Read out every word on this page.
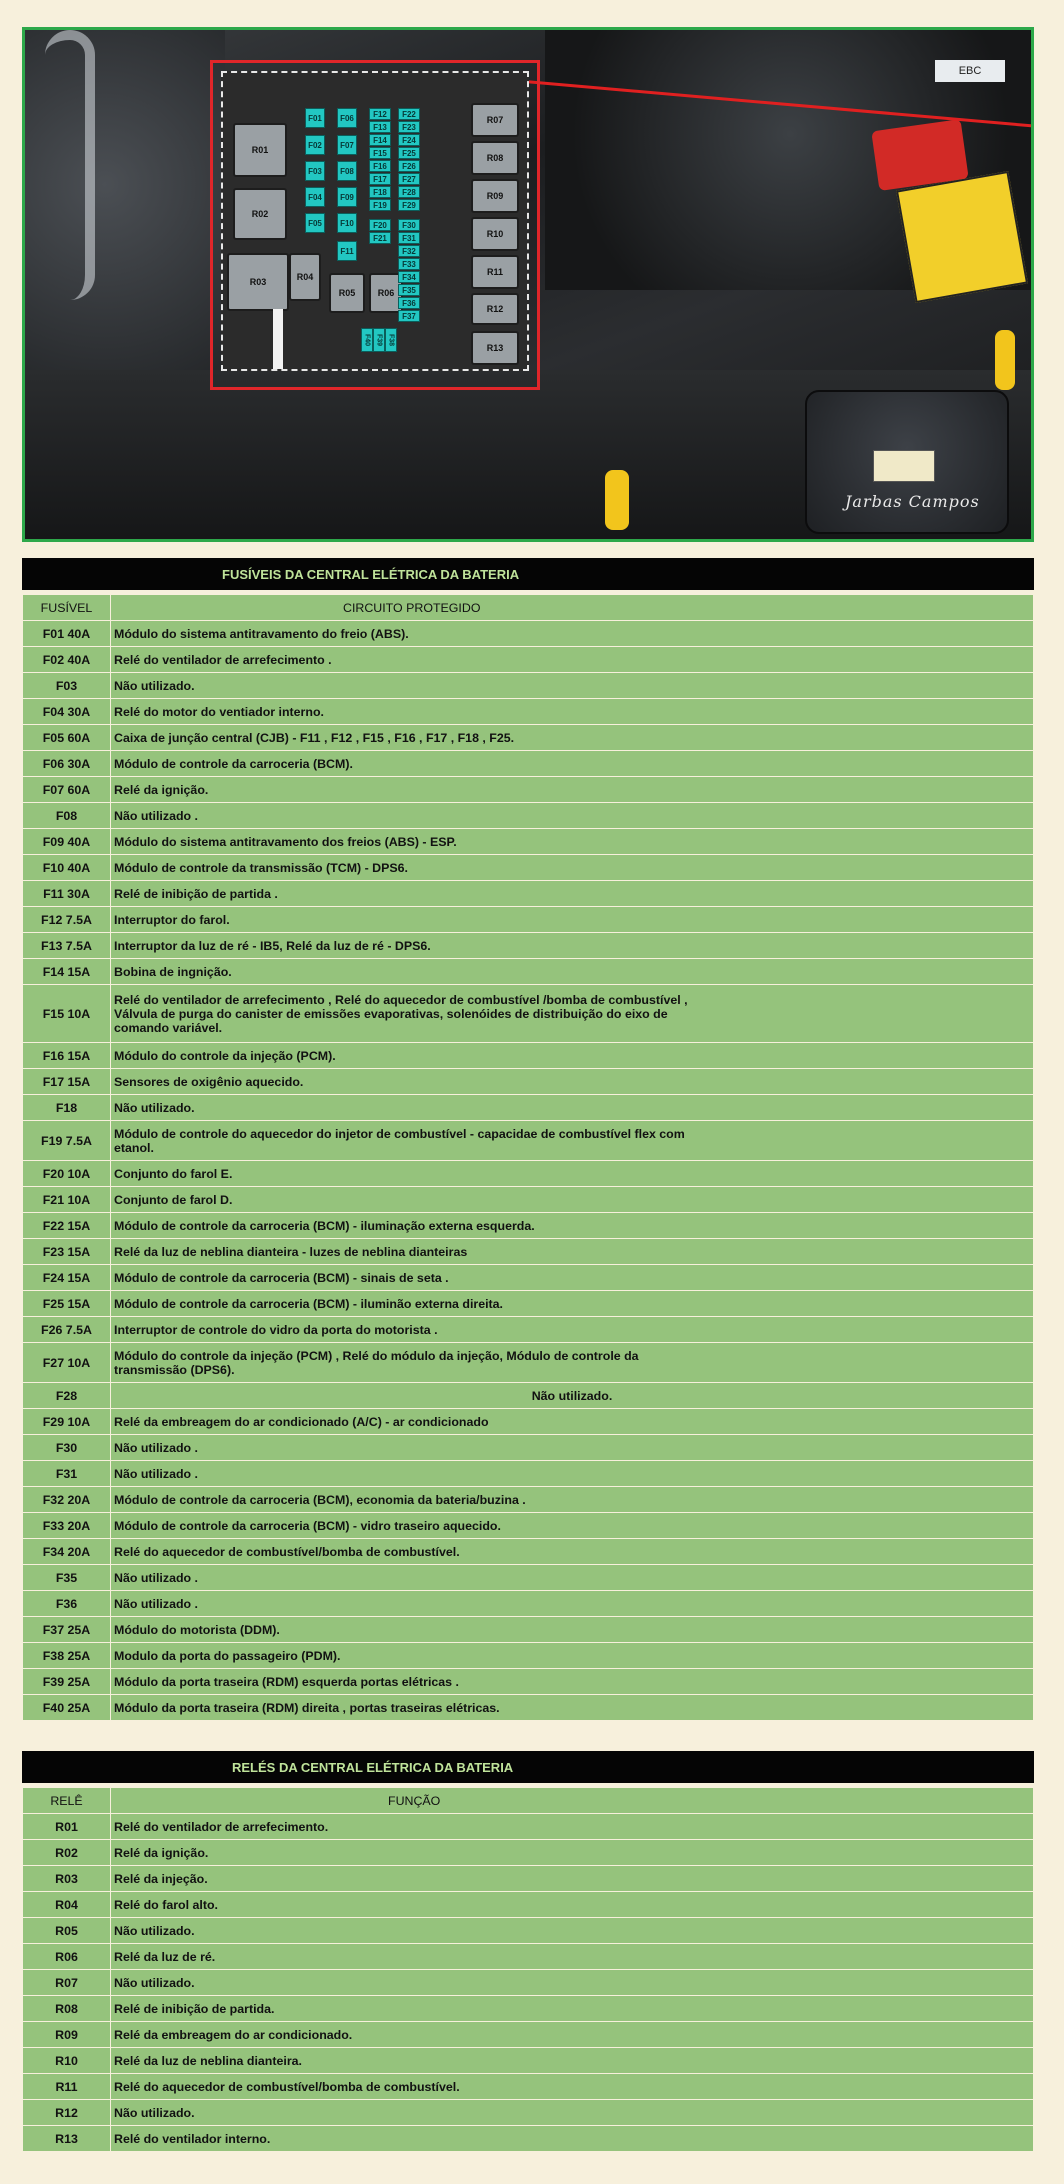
EBC
Jarbas Campos
R01
R02
R03	R04
R05	R06
R07
R08
R09
R10
R11
R12
R13
F01
F02
F03
F04
F05
F06
F07
F08
F09
F10
F11
F12
F13
F14
F15
F16
F17
F18
F19
F20
F21
F22
F23
F24
F25
F26
F27
F28
F29
F30
F31
F32
F33
F34
F35
F36
F37
F38
F39
F40
FUSÍVEIS DA CENTRAL ELÉTRICA DA BATERIA
FUSÍVEL	CIRCUITO PROTEGIDO
F01 40A	Módulo do sistema antitravamento do freio (ABS).

F02 40A	Relé do ventilador de arrefecimento .

F03	Não utilizado.

F04 30A	Relé do motor do ventiador interno.

F05 60A	Caixa de junção central (CJB) - F11 , F12 , F15 , F16 , F17 , F18 , F25.

F06 30A	Módulo de controle da carroceria (BCM).

F07 60A	Relé da ignição.

F08	Não utilizado .

F09 40A	Módulo do sistema antitravamento dos freios (ABS) - ESP.

F10 40A	Módulo de controle da transmissão (TCM) - DPS6.

F11 30A	Relé de inibição de partida .

F12 7.5A	Interruptor do farol.

F13 7.5A	Interruptor da luz de ré - IB5, Relé da luz de ré - DPS6.

F14 15A	Bobina de ingnição.

F15 10A	Relé do ventilador de arrefecimento , Relé do aquecedor de combustível /bomba de combustível , Válvula de purga do canister de emissões evaporativas, solenóides de distribuição do eixo de comando variável.

F16 15A	Módulo do controle da injeção (PCM).

F17 15A	Sensores de oxigênio aquecido.

F18	Não utilizado.

F19 7.5A	Módulo de controle do aquecedor do injetor de combustível - capacidae de combustível flex com etanol.

F20 10A	Conjunto do farol E.

F21 10A	Conjunto de farol D.

F22 15A	Módulo de controle da carroceria (BCM) - iluminação externa esquerda.

F23 15A	Relé da luz de neblina dianteira - luzes de neblina dianteiras

F24 15A	Módulo de controle da carroceria (BCM) - sinais de seta .

F25 15A	Módulo de controle da carroceria (BCM) - iluminão externa direita.

F26 7.5A	Interruptor de controle do vidro da porta do motorista .

F27 10A	Módulo do controle da injeção (PCM) , Relé do módulo da injeção, Módulo de controle da transmissão (DPS6).

F28	Não utilizado.

F29 10A	Relé da embreagem do ar condicionado (A/C) - ar condicionado

F30	Não utilizado .

F31	Não utilizado .

F32 20A	Módulo de controle da carroceria (BCM), economia da bateria/buzina .

F33 20A	Módulo de controle da carroceria (BCM) - vidro traseiro aquecido.

F34 20A	Relé do aquecedor de combustível/bomba de combustível.

F35	Não utilizado .

F36	Não utilizado .

F37 25A	Módulo do motorista (DDM).

F38 25A	Modulo da porta do passageiro (PDM).

F39 25A	Módulo da porta traseira (RDM) esquerda portas elétricas .

F40 25A	Módulo da porta traseira (RDM) direita , portas traseiras elétricas.
RELÉS DA CENTRAL ELÉTRICA DA BATERIA
RELÊ	FUNÇÃO
R01	Relé do ventilador de arrefecimento.

R02	Relé da ignição.

R03	Relé da injeção.

R04	Relé do farol alto.

R05	Não utilizado.

R06	Relé da luz de ré.

R07	Não utilizado.

R08	Relé de inibição de partida.

R09	Relé da embreagem do ar condicionado.

R10	Relé da luz de neblina dianteira.

R11	Relé do aquecedor de combustível/bomba de combustível.

R12	Não utilizado.

R13	Relé do ventilador interno.
